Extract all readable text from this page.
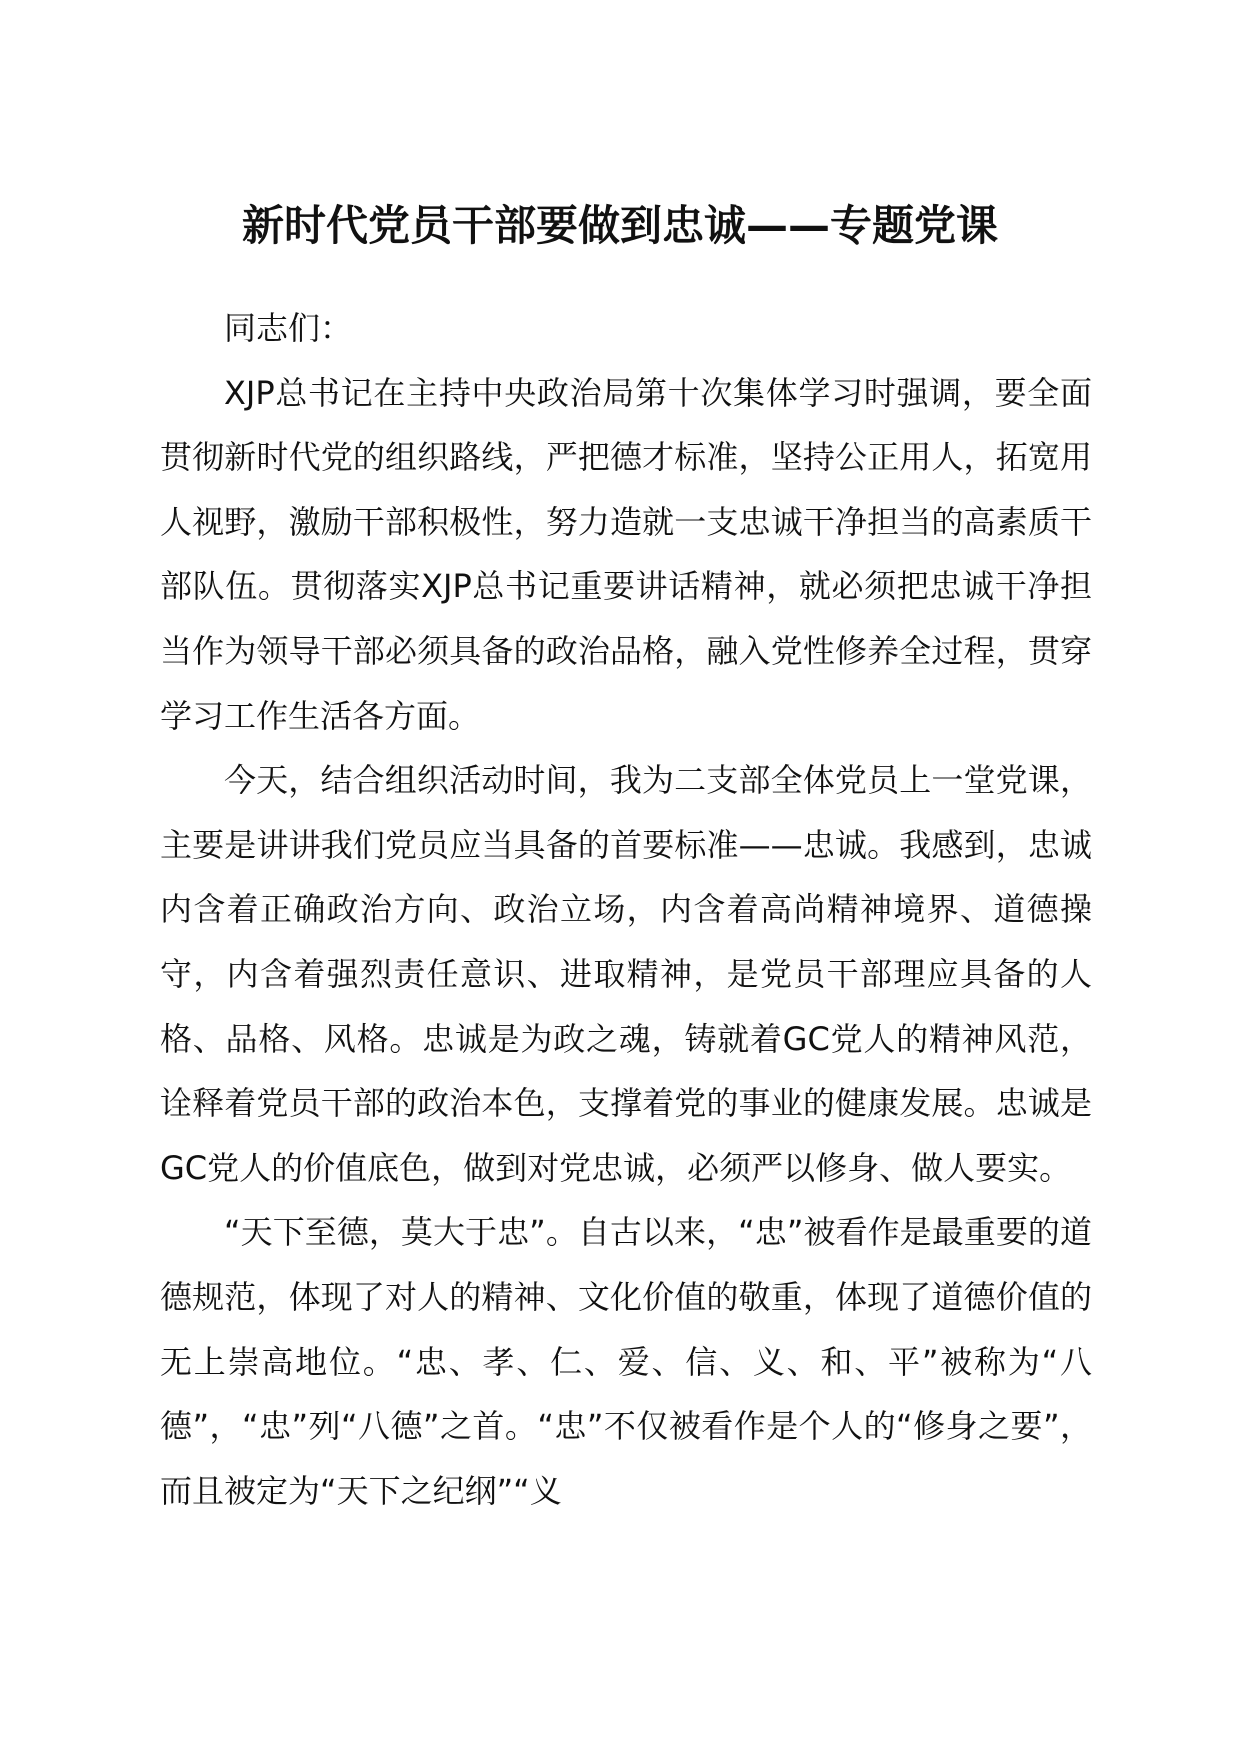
新时代党员干部要做到忠诚——专题党课

同志们：

XJP总书记在主持中央政治局第十次集体学习时强调，要全面贯彻新时代党的组织路线，严把德才标准，坚持公正用人，拓宽用人视野，激励干部积极性，努力造就一支忠诚干净担当的高素质干部队伍。贯彻落实XJP总书记重要讲话精神，就必须把忠诚干净担当作为领导干部必须具备的政治品格，融入党性修养全过程，贯穿学习工作生活各方面。

今天，结合组织活动时间，我为二支部全体党员上一堂党课，主要是讲讲我们党员应当具备的首要标准——忠诚。我感到，忠诚内含着正确政治方向、政治立场，内含着高尚精神境界、道德操守，内含着强烈责任意识、进取精神，是党员干部理应具备的人格、品格、风格。忠诚是为政之魂，铸就着GC党人的精神风范，诠释着党员干部的政治本色，支撑着党的事业的健康发展。忠诚是GC党人的价值底色，做到对党忠诚，必须严以修身、做人要实。

“天下至德，莫大于忠”。自古以来，“忠”被看作是最重要的道德规范，体现了对人的精神、文化价值的敬重，体现了道德价值的无上崇高地位。“忠、孝、仁、爱、信、义、和、平”被称为“八德”，“忠”列“八德”之首。“忠”不仅被看作是个人的“修身之要”，而且被定为“天下之纪纲”“义
